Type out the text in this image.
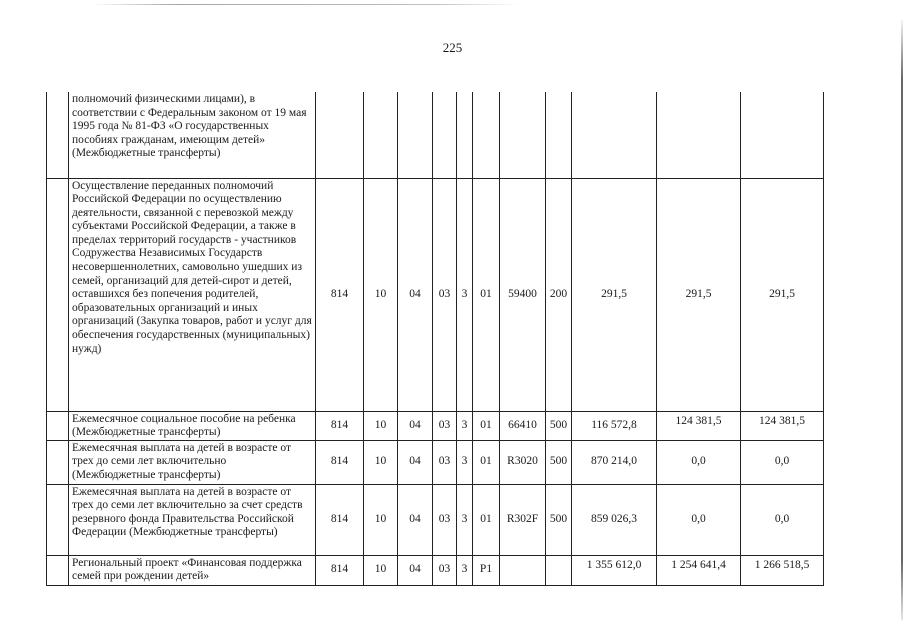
225
	полномочий физическими лицами), в соответствии с Федеральным законом от 19 мая 1995 года № 81-ФЗ «О государственных пособиях гражданам, имеющим детей» (Межбюджетные трансферты)											
	Осуществление переданных полномочий Российской Федерации по осуществлению деятельности, связанной с перевозкой между субъектами Российской Федерации, а также в пределах территорий государств - участников Содружества Независимых Государств несовершеннолетних, самовольно ушедших из семей, организаций для детей-сирот и детей, оставшихся без попечения родителей, образовательных организаций и иных организаций (Закупка товаров, работ и услуг для обеспечения государственных (муниципальных) нужд)	814	10	04	03	3	01	59400	200	291,5	291,5	291,5
	Ежемесячное социальное пособие на ребенка (Межбюджетные трансферты)	814	10	04	03	3	01	66410	500	116 572,8	124 381,5	124 381,5
	Ежемесячная выплата на детей в возрасте от трех до семи лет включительно (Межбюджетные трансферты)	814	10	04	03	3	01	R3020	500	870 214,0	0,0	0,0
	Ежемесячная выплата на детей в возрасте от трех до семи лет включительно за счет средств резервного фонда Правительства Российской Федерации (Межбюджетные трансферты)	814	10	04	03	3	01	R302F	500	859 026,3	0,0	0,0
	Региональный проект «Финансовая поддержка семей при рождении детей»	814	10	04	03	3	P1			1 355 612,0	1 254 641,4	1 266 518,5
